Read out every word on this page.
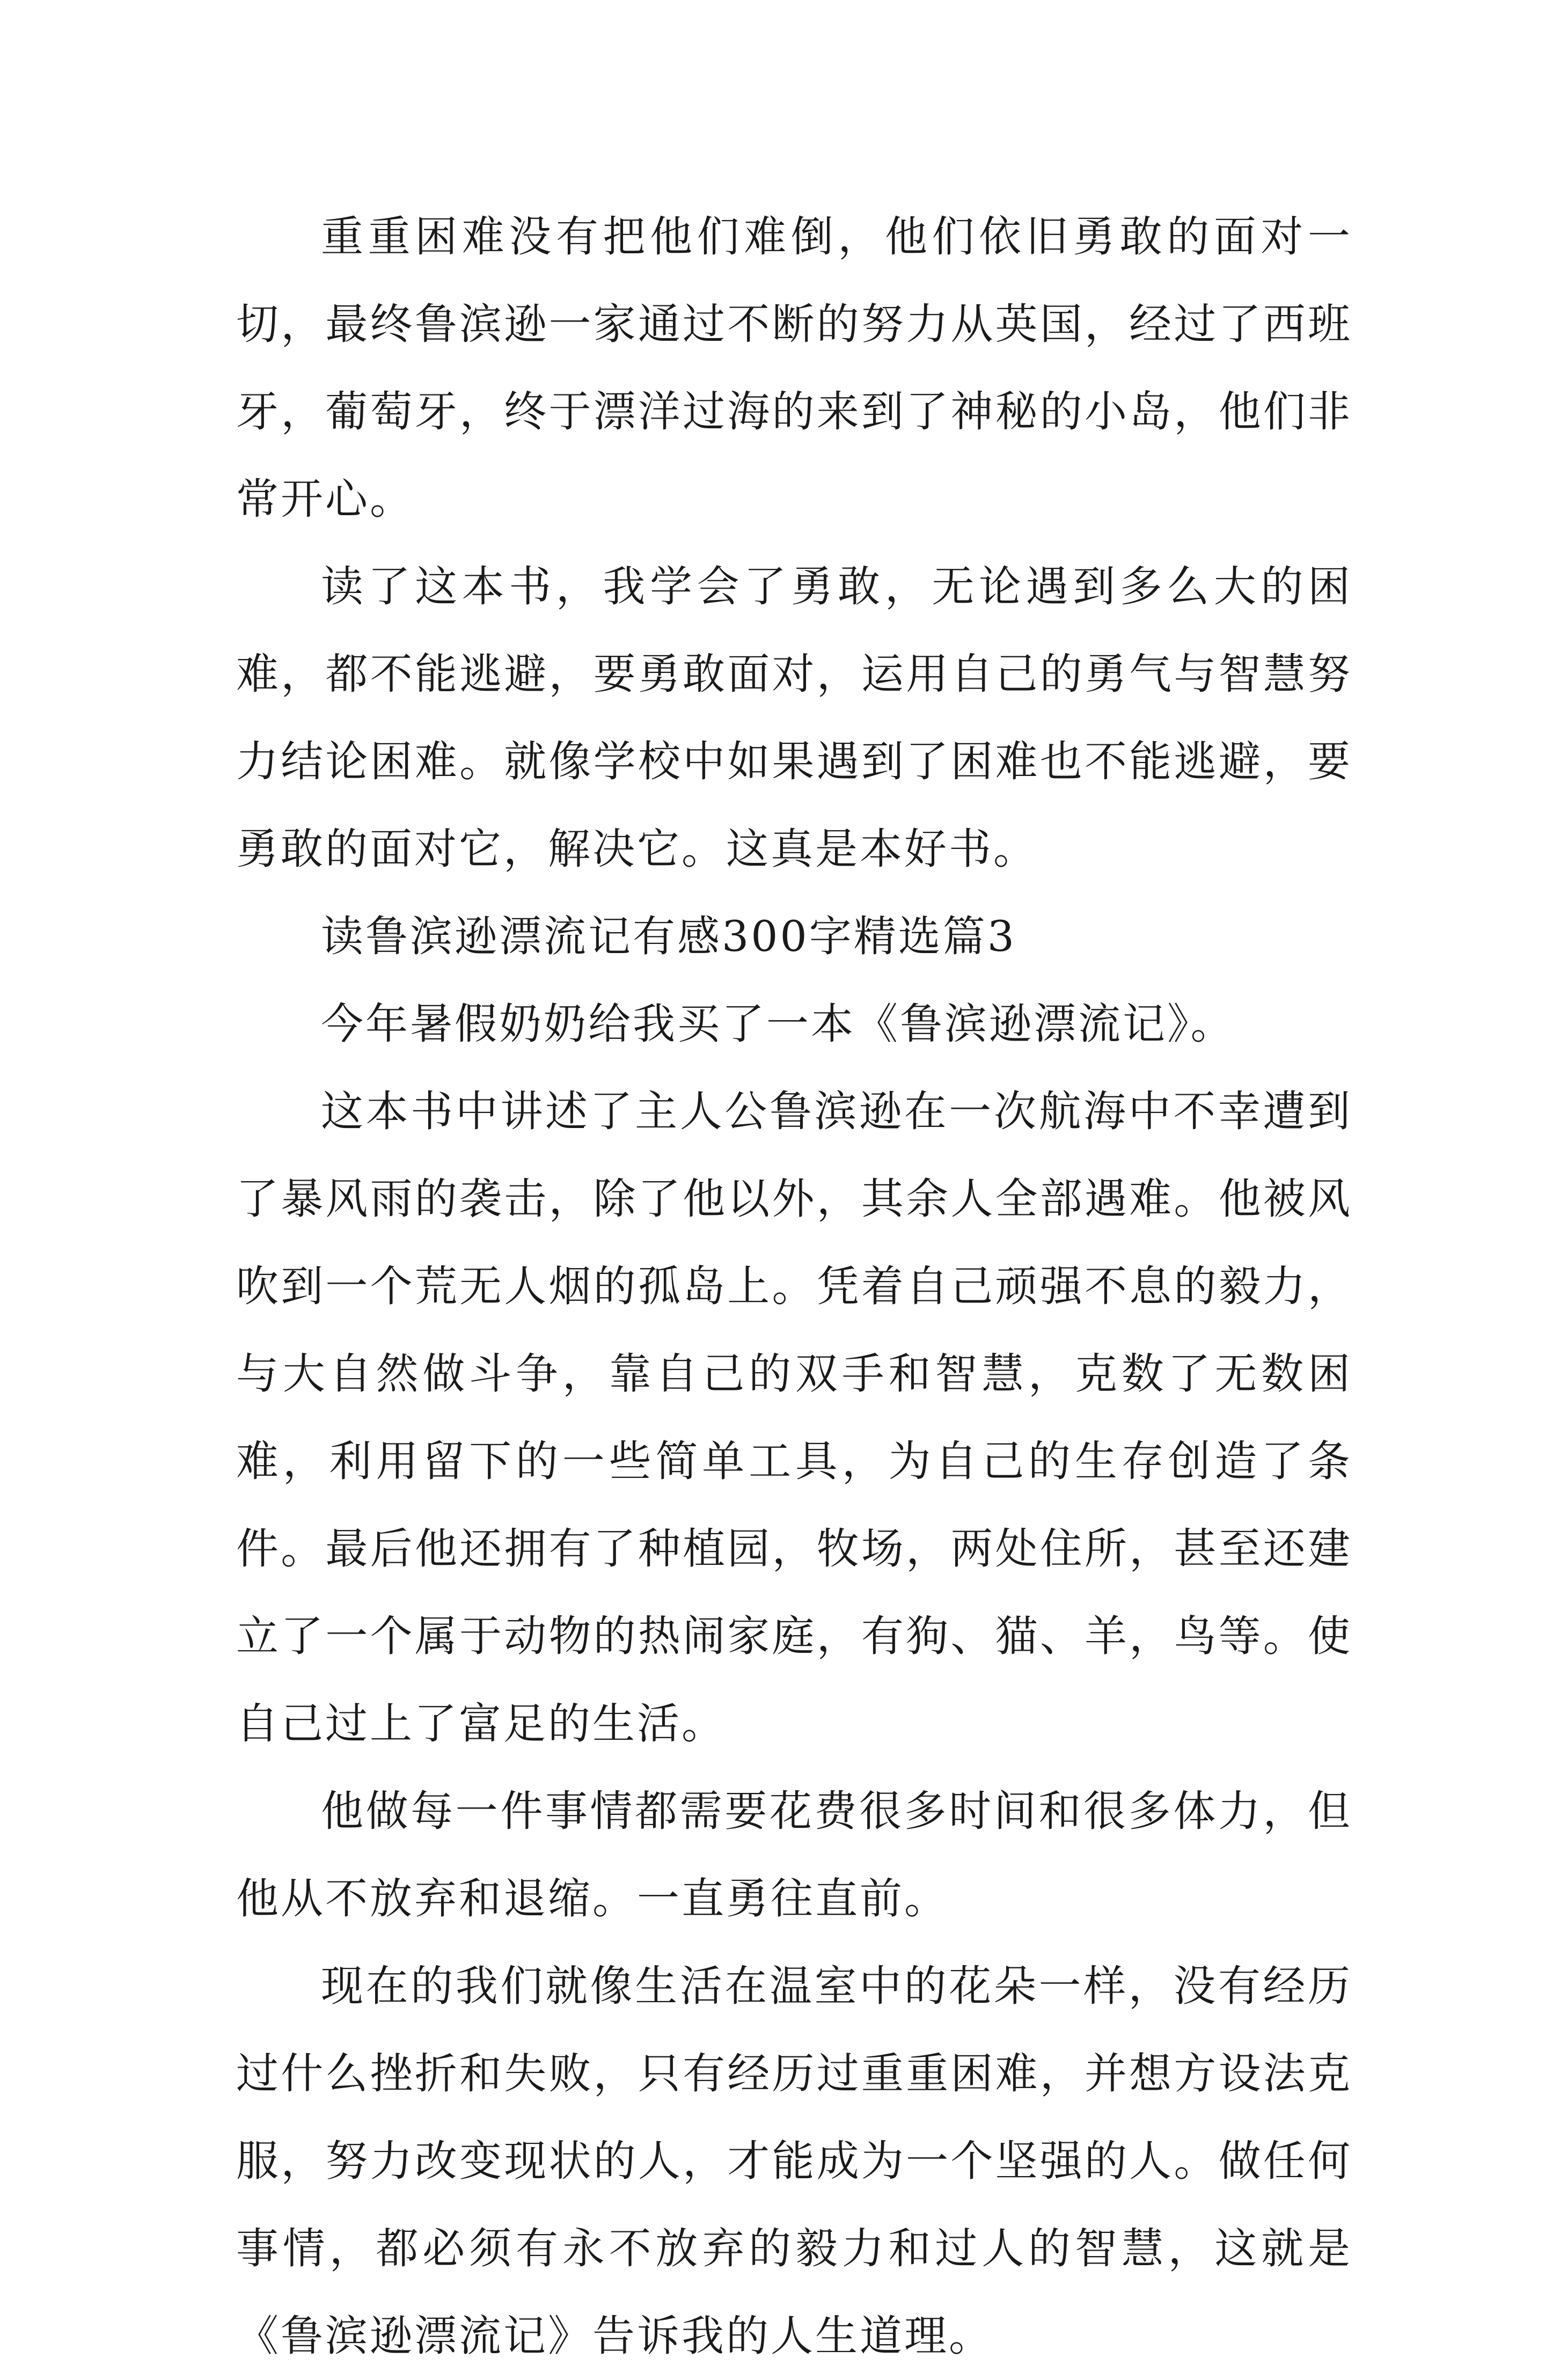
重重困难没有把他们难倒，他们依旧勇敢的面对一切，最终鲁滨逊一家通过不断的努力从英国，经过了西班牙，葡萄牙，终于漂洋过海的来到了神秘的小岛，他们非常开心。

读了这本书，我学会了勇敢，无论遇到多么大的困难，都不能逃避，要勇敢面对，运用自己的勇气与智慧努力结论困难。就像学校中如果遇到了困难也不能逃避，要勇敢的面对它，解决它。这真是本好书。

读鲁滨逊漂流记有感300字精选篇3

今年暑假奶奶给我买了一本《鲁滨逊漂流记》。

这本书中讲述了主人公鲁滨逊在一次航海中不幸遭到了暴风雨的袭击，除了他以外，其余人全部遇难。他被风吹到一个荒无人烟的孤岛上。凭着自己顽强不息的毅力，与大自然做斗争，靠自己的双手和智慧，克数了无数困难，利用留下的一些简单工具，为自己的生存创造了条件。最后他还拥有了种植园，牧场，两处住所，甚至还建立了一个属于动物的热闹家庭，有狗、猫、羊，鸟等。使自己过上了富足的生活。

他做每一件事情都需要花费很多时间和很多体力，但他从不放弃和退缩。一直勇往直前。

现在的我们就像生活在温室中的花朵一样，没有经历过什么挫折和失败，只有经历过重重困难，并想方设法克服，努力改变现状的人，才能成为一个坚强的人。做任何事情，都必须有永不放弃的毅力和过人的智慧，这就是《鲁滨逊漂流记》告诉我的人生道理。
